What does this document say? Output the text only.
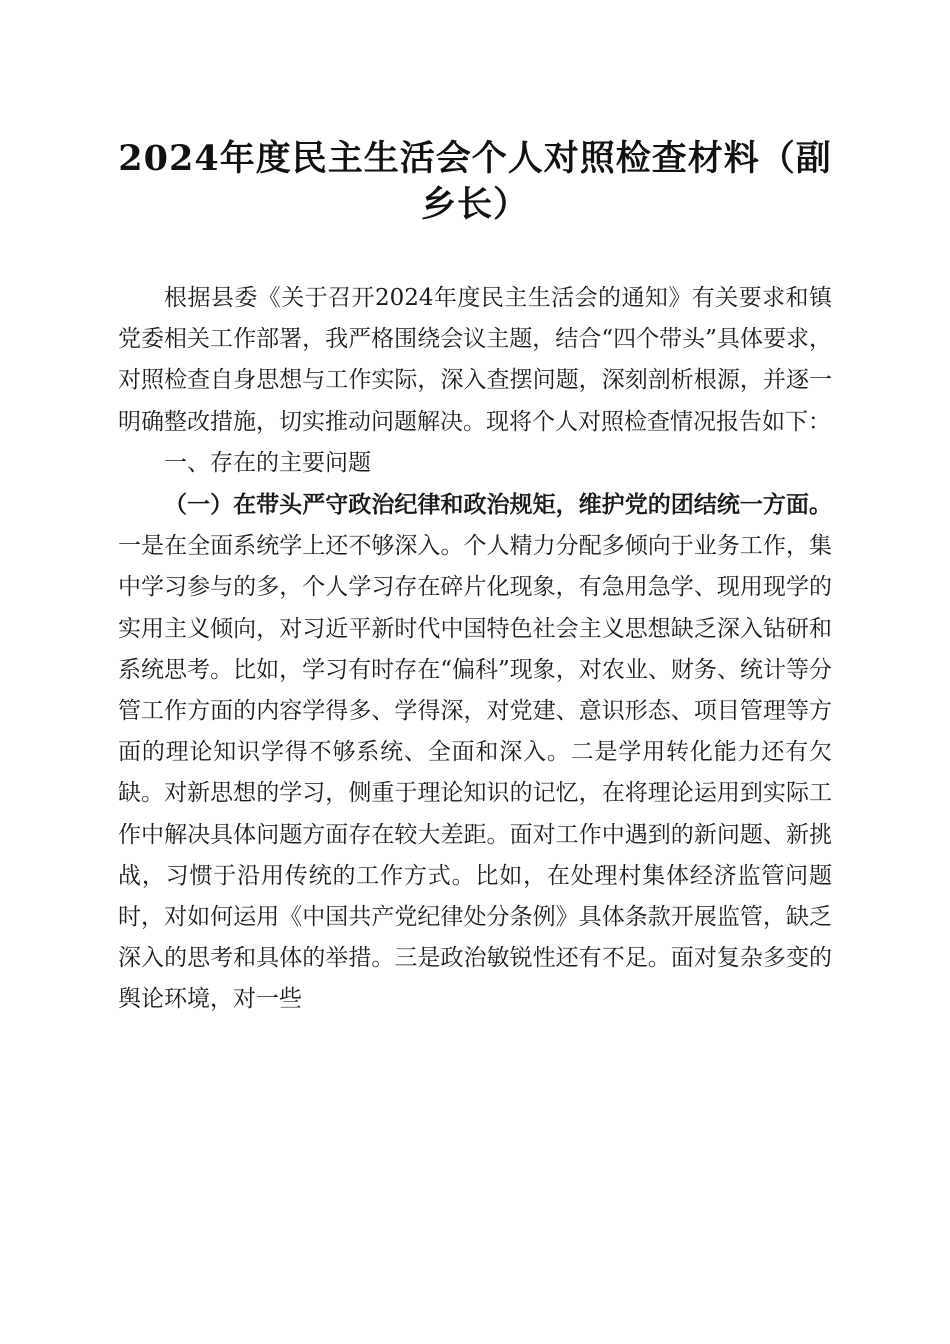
2024年度民主生活会个人对照检查材料（副乡长）

根据县委《关于召开2024年度民主生活会的通知》有关要求和镇党委相关工作部署，我严格围绕会议主题，结合“四个带头”具体要求，对照检查自身思想与工作实际，深入查摆问题，深刻剖析根源，并逐一明确整改措施，切实推动问题解决。现将个人对照检查情况报告如下：

一、存在的主要问题

（一）在带头严守政治纪律和政治规矩，维护党的团结统一方面。一是在全面系统学上还不够深入。个人精力分配多倾向于业务工作，集中学习参与的多，个人学习存在碎片化现象，有急用急学、现用现学的实用主义倾向，对习近平新时代中国特色社会主义思想缺乏深入钻研和系统思考。比如，学习有时存在“偏科”现象，对农业、财务、统计等分管工作方面的内容学得多、学得深，对党建、意识形态、项目管理等方面的理论知识学得不够系统、全面和深入。二是学用转化能力还有欠缺。对新思想的学习，侧重于理论知识的记忆，在将理论运用到实际工作中解决具体问题方面存在较大差距。面对工作中遇到的新问题、新挑战，习惯于沿用传统的工作方式。比如，在处理村集体经济监管问题时，对如何运用《中国共产党纪律处分条例》具体条款开展监管，缺乏深入的思考和具体的举措。三是政治敏锐性还有不足。面对复杂多变的舆论环境，对一些
